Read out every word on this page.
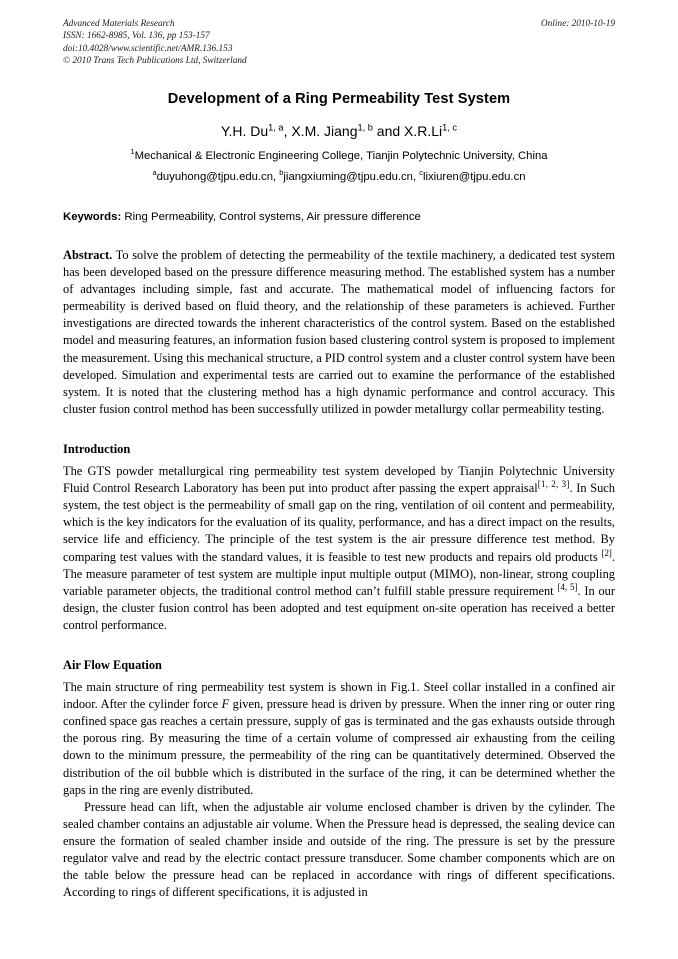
Advanced Materials Research
ISSN: 1662-8985, Vol. 136, pp 153-157
doi:10.4028/www.scientific.net/AMR.136.153
© 2010 Trans Tech Publications Ltd, Switzerland
Online: 2010-10-19
Development of a Ring Permeability Test System
Y.H. Du$^{1, a}$, X.M. Jiang$^{1, b}$ and X.R.Li$^{1, c}$
$^1$Mechanical & Electronic Engineering College, Tianjin Polytechnic University, China
$^a$duyuhong@tjpu.edu.cn, $^b$jiangxiuming@tjpu.edu.cn, $^c$lixiuren@tjpu.edu.cn
Keywords: Ring Permeability, Control systems, Air pressure difference

Abstract. To solve the problem of detecting the permeability of the textile machinery, a dedicated test system has been developed based on the pressure difference measuring method. The established system has a number of advantages including simple, fast and accurate. The mathematical model of influencing factors for permeability is derived based on fluid theory, and the relationship of these parameters is achieved. Further investigations are directed towards the inherent characteristics of the control system. Based on the established model and measuring features, an information fusion based clustering control system is proposed to implement the measurement. Using this mechanical structure, a PID control system and a cluster control system have been developed. Simulation and experimental tests are carried out to examine the performance of the established system. It is noted that the clustering method has a high dynamic performance and control accuracy. This cluster fusion control method has been successfully utilized in powder metallurgy collar permeability testing.

Introduction

The GTS powder metallurgical ring permeability test system developed by Tianjin Polytechnic University Fluid Control Research Laboratory has been put into product after passing the expert appraisal[1, 2, 3]. In Such system, the test object is the permeability of small gap on the ring, ventilation of oil content and permeability, which is the key indicators for the evaluation of its quality, performance, and has a direct impact on the results, service life and efficiency. The principle of the test system is the air pressure difference test method. By comparing test values with the standard values, it is feasible to test new products and repairs old products [2]. The measure parameter of test system are multiple input multiple output (MIMO), non-linear, strong coupling variable parameter objects, the traditional control method can’t fulfill stable pressure requirement [4, 5]. In our design, the cluster fusion control has been adopted and test equipment on-site operation has received a better control performance.

Air Flow Equation

The main structure of ring permeability test system is shown in Fig.1. Steel collar installed in a confined air indoor. After the cylinder force F given, pressure head is driven by pressure. When the inner ring or outer ring confined space gas reaches a certain pressure, supply of gas is terminated and the gas exhausts outside through the porous ring. By measuring the time of a certain volume of compressed air exhausting from the ceiling down to the minimum pressure, the permeability of the ring can be quantitatively determined. Observed the distribution of the oil bubble which is distributed in the surface of the ring, it can be determined whether the gaps in the ring are evenly distributed.

Pressure head can lift, when the adjustable air volume enclosed chamber is driven by the cylinder. The sealed chamber contains an adjustable air volume. When the Pressure head is depressed, the sealing device can ensure the formation of sealed chamber inside and outside of the ring. The pressure is set by the pressure regulator valve and read by the electric contact pressure transducer. Some chamber components which are on the table below the pressure head can be replaced in accordance with rings of different specifications. According to rings of different specifications, it is adjusted in
